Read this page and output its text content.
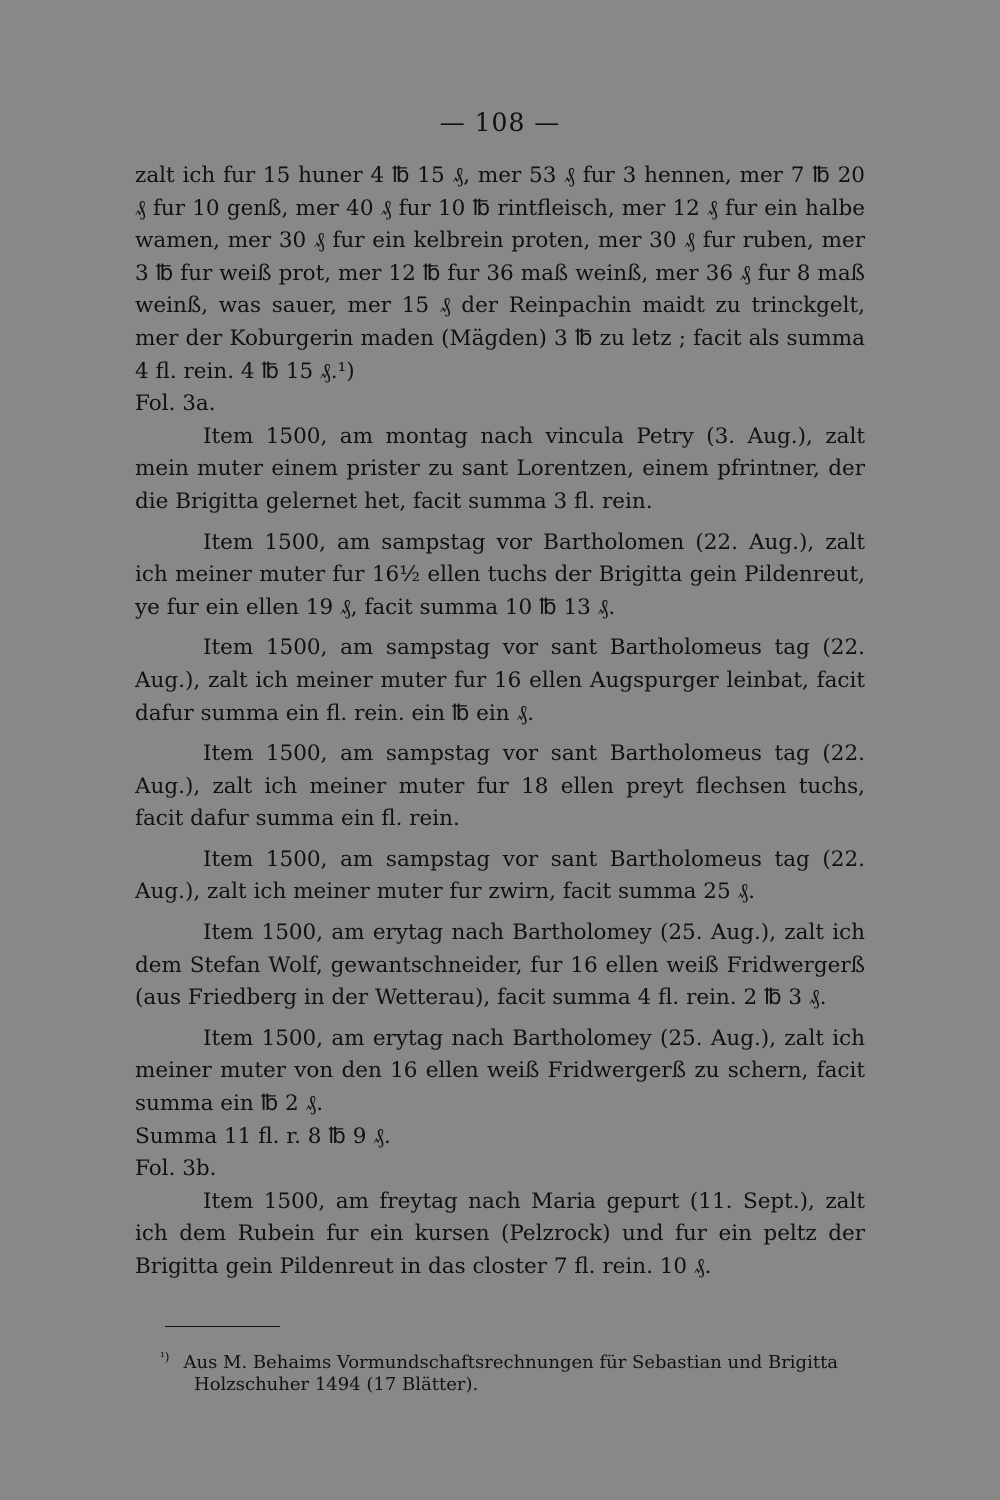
— 108 —

zalt ich fur 15 huner 4 ℔ 15 ₰, mer 53 ₰ fur 3 hennen, mer 7 ℔ 20 ₰ fur 10 genß, mer 40 ₰ fur 10 ℔ rintfleisch, mer 12 ₰ fur ein halbe wamen, mer 30 ₰ fur ein kelbrein proten, mer 30 ₰ fur ruben, mer 3 ℔ fur weiß prot, mer 12 ℔ fur 36 maß weinß, mer 36 ₰ fur 8 maß weinß, was sauer, mer 15 ₰ der Reinpachin maidt zu trinckgelt, mer der Koburgerin maden (Mägden) 3 ℔ zu letz ; facit als summa 4 fl. rein. 4 ℔ 15 ₰.¹)

Fol. 3a.

Item 1500, am montag nach vincula Petry (3. Aug.), zalt mein muter einem prister zu sant Lorentzen, einem pfrintner, der die Brigitta gelernet het, facit summa 3 fl. rein.

Item 1500, am sampstag vor Bartholomen (22. Aug.), zalt ich meiner muter fur 16½ ellen tuchs der Brigitta gein Pildenreut, ye fur ein ellen 19 ₰, facit summa 10 ℔ 13 ₰.

Item 1500, am sampstag vor sant Bartholomeus tag (22. Aug.), zalt ich meiner muter fur 16 ellen Augspurger leinbat, facit dafur summa ein fl. rein. ein ℔ ein ₰.

Item 1500, am sampstag vor sant Bartholomeus tag (22. Aug.), zalt ich meiner muter fur 18 ellen preyt flechsen tuchs, facit dafur summa ein fl. rein.

Item 1500, am sampstag vor sant Bartholomeus tag (22. Aug.), zalt ich meiner muter fur zwirn, facit summa 25 ₰.

Item 1500, am erytag nach Bartholomey (25. Aug.), zalt ich dem Stefan Wolf, gewantschneider, fur 16 ellen weiß Fridwergerß (aus Friedberg in der Wetterau), facit summa 4 fl. rein. 2 ℔ 3 ₰.

Item 1500, am erytag nach Bartholomey (25. Aug.), zalt ich meiner muter von den 16 ellen weiß Fridwergerß zu schern, facit summa ein ℔ 2 ₰.

Summa 11 fl. r. 8 ℔ 9 ₰.

Fol. 3b.

Item 1500, am freytag nach Maria gepurt (11. Sept.), zalt ich dem Rubein fur ein kursen (Pelzrock) und fur ein peltz der Brigitta gein Pildenreut in das closter 7 fl. rein. 10 ₰.

$^{^1)}$ Aus M. Behaims Vormundschaftsrechnungen für Sebastian und Brigitta
Holzschuher 1494 (17 Blätter).
